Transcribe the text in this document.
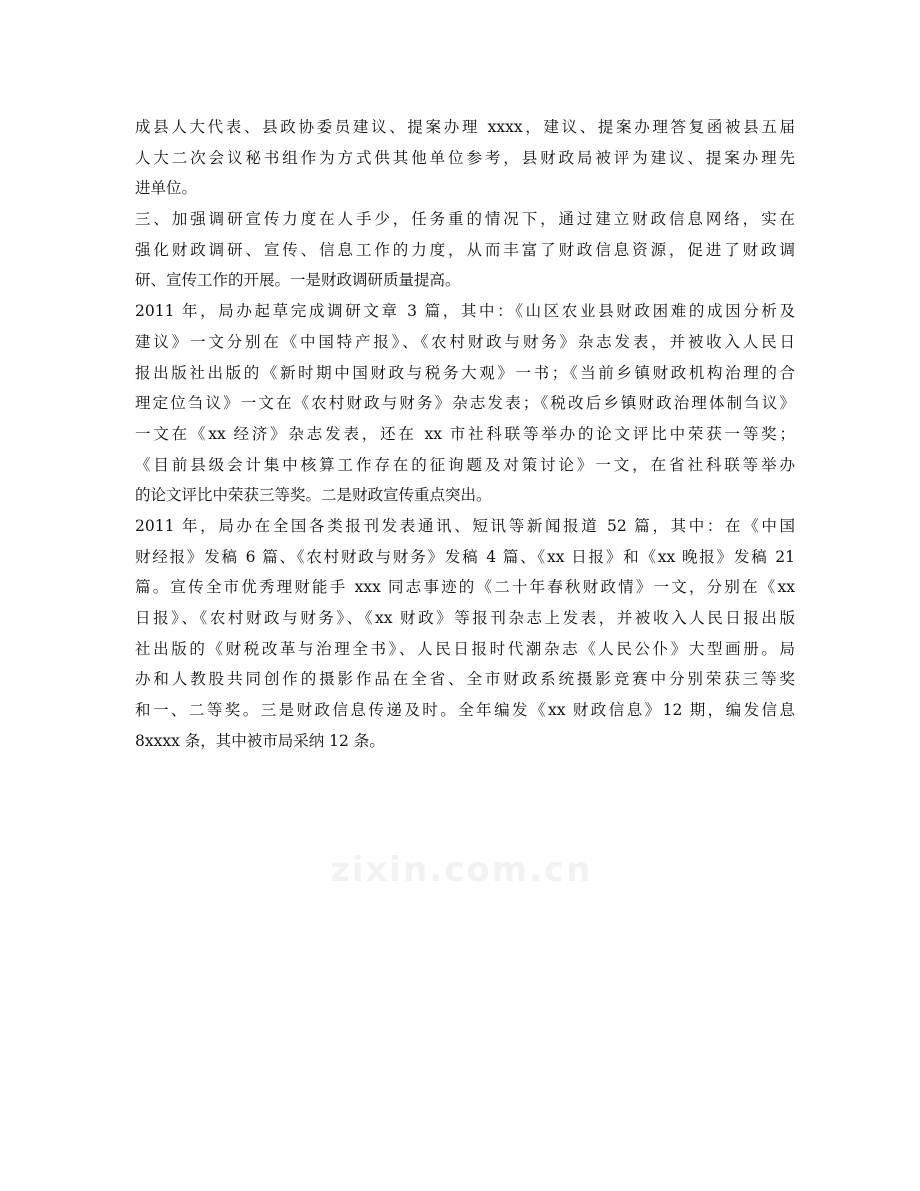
成县人大代表、县政协委员建议、提案办理 xxxx，建议、提案办理答复函被县五届
人大二次会议秘书组作为方式供其他单位参考，县财政局被评为建议、提案办理先
进单位。
三、加强调研宣传力度在人手少，任务重的情况下，通过建立财政信息网络，实在
强化财政调研、宣传、信息工作的力度，从而丰富了财政信息资源，促进了财政调
研、宣传工作的开展。一是财政调研质量提高。
2011 年，局办起草完成调研文章 3 篇，其中：《山区农业县财政困难的成因分析及
建议》一文分别在《中国特产报》、《农村财政与财务》杂志发表，并被收入人民日
报出版社出版的《新时期中国财政与税务大观》一书；《当前乡镇财政机构治理的合
理定位刍议》一文在《农村财政与财务》杂志发表；《税改后乡镇财政治理体制刍议》
一文在《xx 经济》杂志发表，还在 xx 市社科联等举办的论文评比中荣获一等奖；
《目前县级会计集中核算工作存在的征询题及对策讨论》一文，在省社科联等举办
的论文评比中荣获三等奖。二是财政宣传重点突出。
2011 年，局办在全国各类报刊发表通讯、短讯等新闻报道 52 篇，其中：在《中国
财经报》发稿 6 篇、《农村财政与财务》发稿 4 篇、《xx 日报》和《xx 晚报》发稿 21
篇。宣传全市优秀理财能手 xxx 同志事迹的《二十年春秋财政情》一文，分别在《xx
日报》、《农村财政与财务》、《xx 财政》等报刊杂志上发表，并被收入人民日报出版
社出版的《财税改革与治理全书》、人民日报时代潮杂志《人民公仆》大型画册。局
办和人教股共同创作的摄影作品在全省、全市财政系统摄影竞赛中分别荣获三等奖
和一、二等奖。三是财政信息传递及时。全年编发《xx 财政信息》12 期，编发信息
8xxxx 条，其中被市局采纳 12 条。
zixin.com.cn
